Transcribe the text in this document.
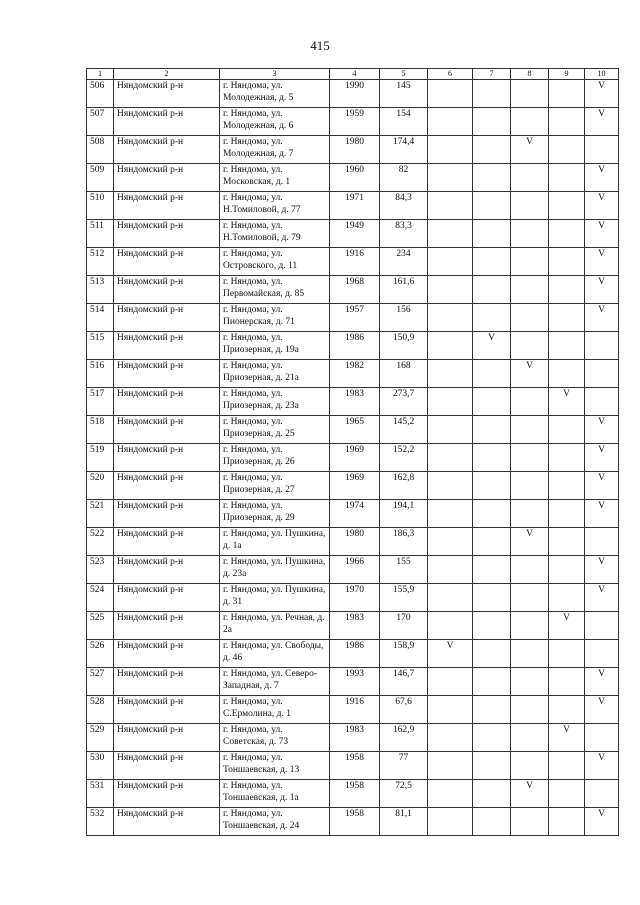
415
1	2	3	4	5	6	7	8	9	10
506	Няндомский р-н	г. Няндома, ул. Молодежная, д. 5	1990	145					V
507	Няндомский р-н	г. Няндома, ул. Молодежная, д. 6	1959	154					V
508	Няндомский р-н	г. Няндома, ул. Молодежная, д. 7	1980	174,4			V		
509	Няндомский р-н	г. Няндома, ул. Московская, д. 1	1960	82					V
510	Няндомский р-н	г. Няндома, ул. Н.Томиловой, д. 77	1971	84,3					V
511	Няндомский р-н	г. Няндома, ул. Н.Томиловой, д. 79	1949	83,3					V
512	Няндомский р-н	г. Няндома, ул. Островского, д. 11	1916	234					V
513	Няндомский р-н	г. Няндома, ул. Первомайская, д. 85	1968	161,6					V
514	Няндомский р-н	г. Няндома, ул. Пионерская, д. 71	1957	156					V
515	Няндомский р-н	г. Няндома, ул. Приозерная, д. 19а	1986	150,9		V			
516	Няндомский р-н	г. Няндома, ул. Приозерная, д. 21а	1982	168			V		
517	Няндомский р-н	г. Няндома, ул. Приозерная, д. 23а	1983	273,7				V	
518	Няндомский р-н	г. Няндома, ул. Приозерная, д. 25	1965	145,2					V
519	Няндомский р-н	г. Няндома, ул. Приозерная, д. 26	1969	152,2					V
520	Няндомский р-н	г. Няндома, ул. Приозерная, д. 27	1969	162,8					V
521	Няндомский р-н	г. Няндома, ул. Приозерная, д. 29	1974	194,1					V
522	Няндомский р-н	г. Няндома, ул. Пушкина, д. 1а	1980	186,3			V		
523	Няндомский р-н	г. Няндома, ул. Пушкина, д. 23а	1966	155					V
524	Няндомский р-н	г. Няндома, ул. Пушкина, д. 31	1970	155,9					V
525	Няндомский р-н	г. Няндома, ул. Речная, д. 2а	1983	170				V	
526	Няндомский р-н	г. Няндома, ул. Свободы, д. 46	1986	158,9	V				
527	Няндомский р-н	г. Няндома, ул. Северо-Западная, д. 7	1993	146,7					V
528	Няндомский р-н	г. Няндома, ул. С.Ермолина, д. 1	1916	67,6					V
529	Няндомский р-н	г. Няндома, ул. Советская, д. 73	1983	162,9				V	
530	Няндомский р-н	г. Няндома, ул. Тоншаевская, д. 13	1958	77					V
531	Няндомский р-н	г. Няндома, ул. Тоншаевская, д. 1а	1958	72,5			V		
532	Няндомский р-н	г. Няндома, ул. Тоншаевская, д. 24	1958	81,1					V
